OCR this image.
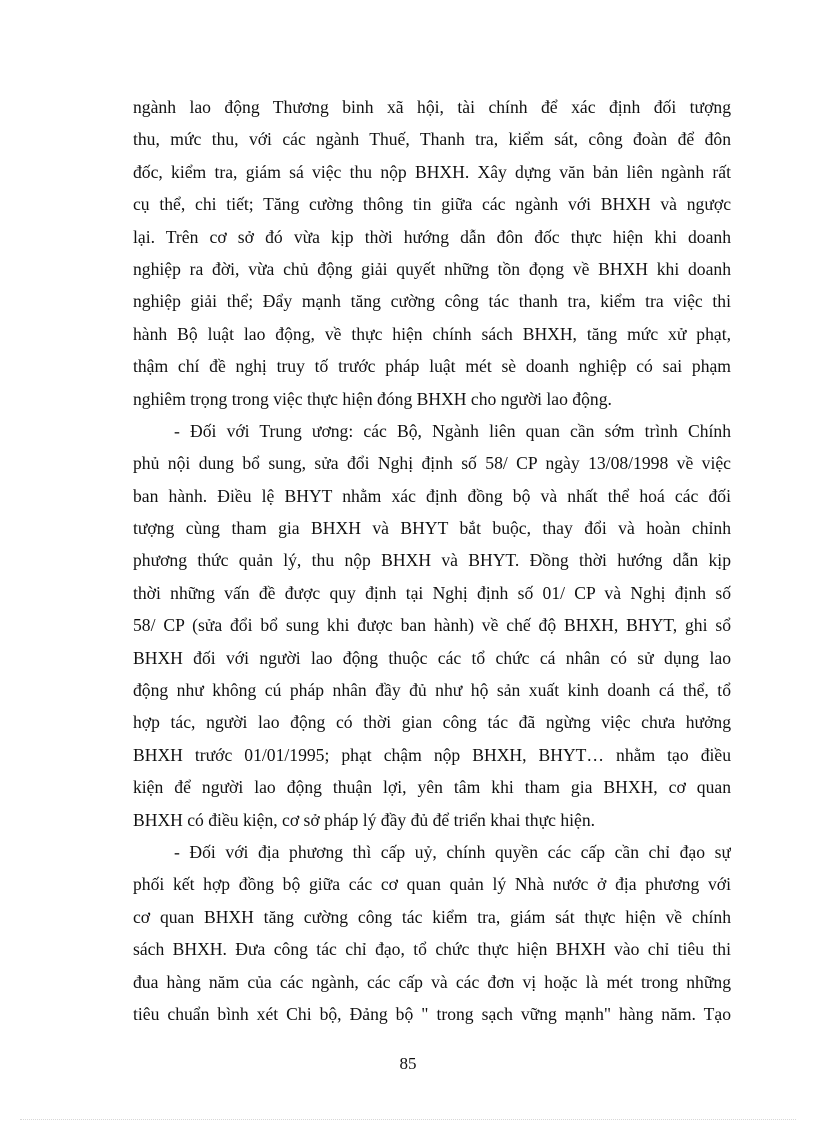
ngành lao động Thương binh xã hội, tài chính để xác định đối tượng
thu, mức thu, với các ngành Thuế, Thanh tra, kiểm sát, công đoàn để đôn
đốc, kiểm tra, giám sá việc thu nộp BHXH. Xây dựng văn bản liên ngành rất
cụ thể, chi tiết; Tăng cường thông tin giữa các ngành với BHXH và ngược
lại. Trên cơ sở đó vừa kịp thời hướng dẫn đôn đốc thực hiện khi doanh
nghiệp ra đời, vừa chủ động giải quyết những tồn đọng về BHXH khi doanh
nghiệp giải thể; Đẩy mạnh tăng cường công tác thanh tra, kiểm tra việc thi
hành Bộ luật lao động, về thực hiện chính sách BHXH, tăng mức xử phạt,
thậm chí đề nghị truy tố trước pháp luật mét sè doanh nghiệp có sai phạm
nghiêm trọng trong việc thực hiện đóng BHXH cho người lao động.
- Đối với Trung ương: các Bộ, Ngành liên quan cần sớm trình Chính
phủ nội dung bổ sung, sửa đổi Nghị định số 58/ CP ngày 13/08/1998 về việc
ban hành. Điều lệ BHYT nhằm xác định đồng bộ và nhất thể hoá các đối
tượng cùng tham gia BHXH và BHYT bắt buộc, thay đổi và hoàn chỉnh
phương thức quản lý, thu nộp BHXH và BHYT. Đồng thời hướng dẫn kịp
thời những vấn đề được quy định tại Nghị định số 01/ CP và Nghị định số
58/ CP (sửa đổi bổ sung khi được ban hành) về chế độ BHXH, BHYT, ghi sổ
BHXH đối với người lao động thuộc các tổ chức cá nhân có sử dụng lao
động như không cú pháp nhân đầy đủ như hộ sản xuất kinh doanh cá thể, tổ
hợp tác, người lao động có thời gian công tác đã ngừng việc chưa hưởng
BHXH trước 01/01/1995; phạt chậm nộp BHXH, BHYT… nhằm tạo điều
kiện để người lao động thuận lợi, yên tâm khi tham gia BHXH, cơ quan
BHXH có điều kiện, cơ sở pháp lý đầy đủ để triển khai thực hiện.
- Đối với địa phương thì cấp uỷ, chính quyền các cấp cần chỉ đạo sự
phối kết hợp đồng bộ giữa các cơ quan quản lý Nhà nước ở địa phương với
cơ quan BHXH tăng cường công tác kiểm tra, giám sát thực hiện về chính
sách BHXH. Đưa công tác chỉ đạo, tổ chức thực hiện BHXH vào chỉ tiêu thi
đua hàng năm của các ngành, các cấp và các đơn vị hoặc là mét trong những
tiêu chuẩn bình xét Chi bộ, Đảng bộ " trong sạch vững mạnh" hàng năm. Tạo
85
